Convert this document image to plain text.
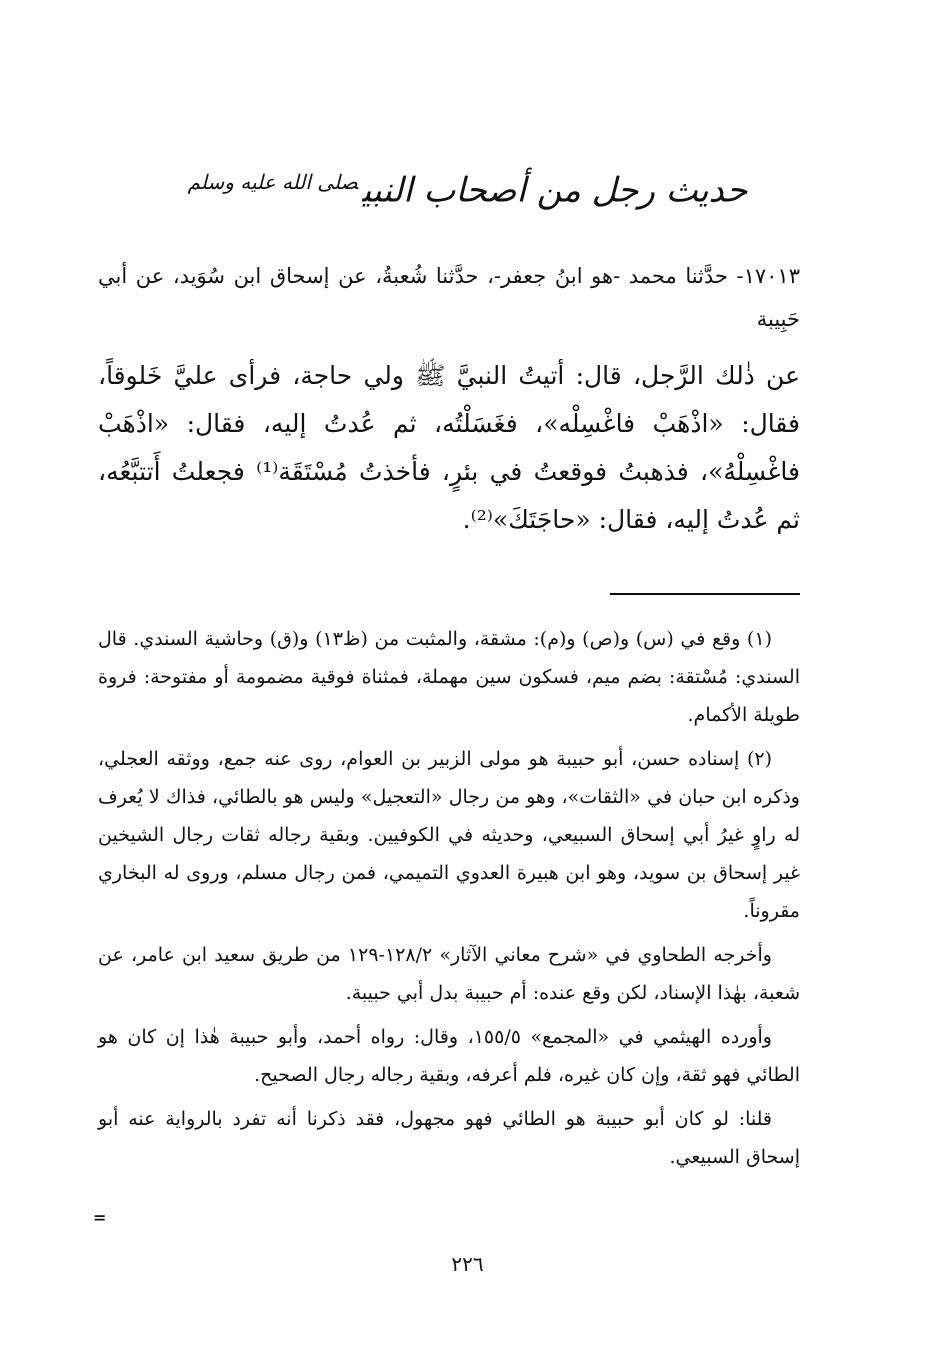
حديث رجل من أصحاب النبي$^{صلى الله عليه وسلم}$
١٧٠١٣- حدَّثنا محمد -هو ابنُ جعفر-، حدَّثنا شُعبةُ، عن إسحاق ابن سُوَيد، عن أبي حَبِيبة
عن ذٰلك الرَّجل، قال: أتيتُ النبيَّ ﷺ ولي حاجة، فرأى عليَّ خَلوقاً، فقال: «اذْهَبْ فاغْسِلْه»، فغَسَلْتُه، ثم عُدتُ إليه، فقال: «اذْهَبْ فاغْسِلْهُ»، فذهبتُ فوقعتُ في بئرٍ، فأخذتُ مُسْتَقَة⁽¹⁾ فجعلتُ أَتتبَّعُه، ثم عُدتُ إليه، فقال: «حاجَتَكَ»⁽²⁾.

(١) وقع في (س) و(ص) و(م): مشقة، والمثبت من (ظ١٣) و(ق) وحاشية السندي. قال السندي: مُسْتقة: بضم ميم، فسكون سين مهملة، فمثناة فوقية مضمومة أو مفتوحة: فروة طويلة الأكمام.

(٢) إسناده حسن، أبو حبيبة هو مولى الزبير بن العوام، روى عنه جمع، ووثقه العجلي، وذكره ابن حبان في «الثقات»، وهو من رجال «التعجيل» وليس هو بالطائي، فذاك لا يُعرف له راوٍ غيرُ أبي إسحاق السبيعي، وحديثه في الكوفيين. وبقية رجاله ثقات رجال الشيخين غير إسحاق بن سويد، وهو ابن هبيرة العدوي التميمي، فمن رجال مسلم، وروى له البخاري مقروناً.

وأخرجه الطحاوي في «شرح معاني الآثار» ١٢٨/٢-١٢٩ من طريق سعيد ابن عامر، عن شعبة، بهٰذا الإسناد، لكن وقع عنده: أم حبيبة بدل أبي حبيبة.

وأورده الهيثمي في «المجمع» ١٥٥/٥، وقال: رواه أحمد، وأبو حبيبة هٰذا إن كان هو الطائي فهو ثقة، وإن كان غيره، فلم أعرفه، وبقية رجاله رجال الصحيح.

قلنا: لو كان أبو حبيبة هو الطائي فهو مجهول، فقد ذكرنا أنه تفرد بالرواية عنه أبو إسحاق السبيعي.

=
٢٢٦
